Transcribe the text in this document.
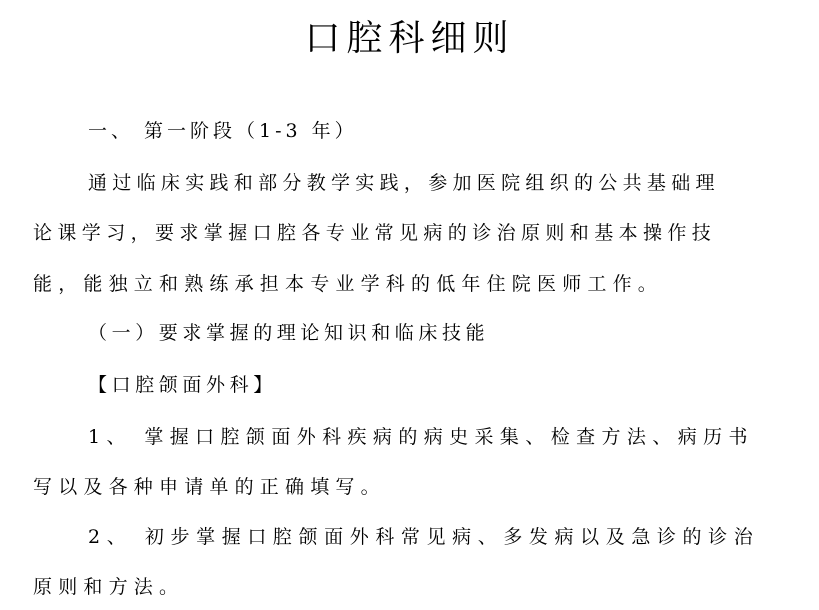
口腔科细则
一、 第一阶段（1-3 年）
通过临床实践和部分教学实践，参加医院组织的公共基础理
论课学习，要求掌握口腔各专业常见病的诊治原则和基本操作技
能，能独立和熟练承担本专业学科的低年住院医师工作。
（一）要求掌握的理论知识和临床技能
【口腔颌面外科】
1、 掌握口腔颌面外科疾病的病史采集、检查方法、病历书
写以及各种申请单的正确填写。
2、 初步掌握口腔颌面外科常见病、多发病以及急诊的诊治
原则和方法。
